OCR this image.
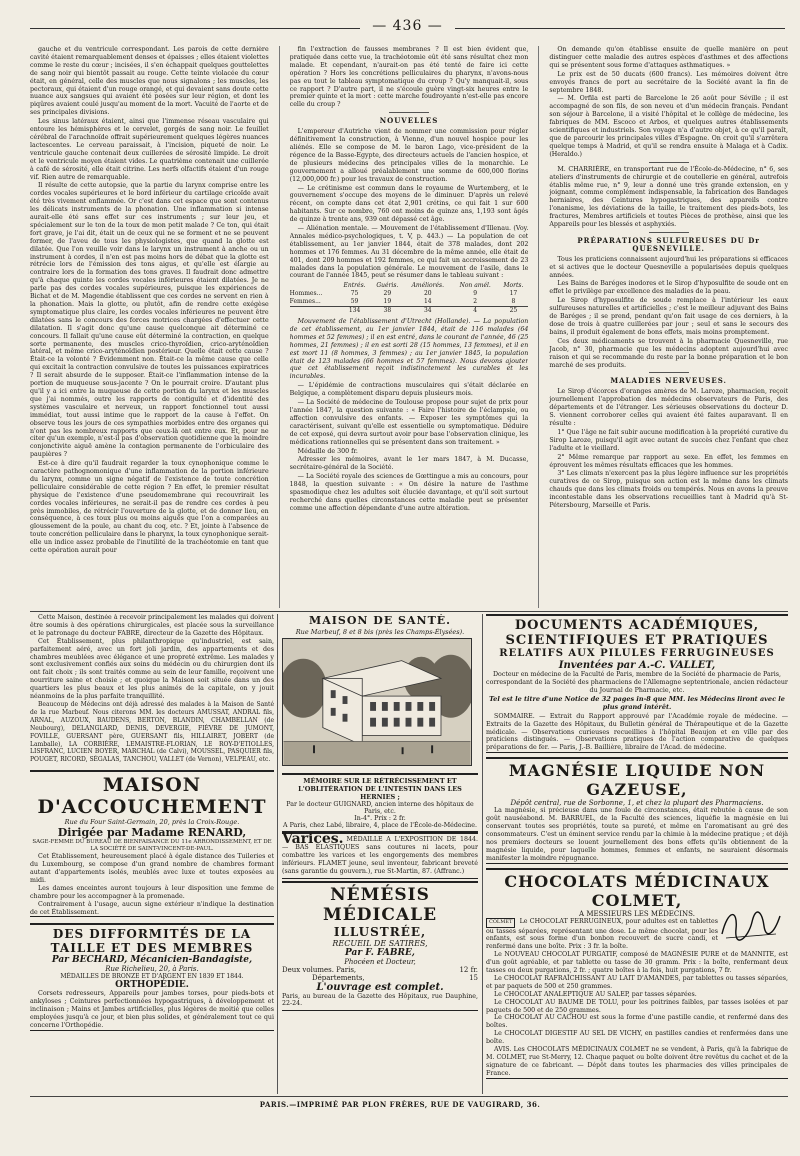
— 436 —

gauche et du ventricule correspondant. Les parois de cette dernière cavité étaient remarquablement denses et épaisses ; elles étaient violettes comme le reste du cœur ; incisées, il s'en échappait quelques gouttelettes de sang noir qui bientôt passait au rouge. Cette teinte violacée du cœur était, en général, celle des muscles que nous signalons ; les muscles, les pectoraux, qui étaient d'un rouge orangé, et qui devaient sans doute cette nuance aux sangsues qui avaient été posées sur leur région, et dont les piqûres avaient coulé jusqu'au moment de la mort. Vacuité de l'aorte et de ses principales divisions.

Les sinus latéraux étaient, ainsi que l'immense réseau vasculaire qui entoure les hémisphères et le cervelet, gorgés de sang noir. Le feuillet cérébral de l'arachnoïde offrait supérieurement quelques légères nuances lactescentes. Le cerveau paraissait, à l'incision, piqueté de noir. Le ventricule gauche contenait deux cuillerées de sérosité limpide. Le droit et le ventricule moyen étaient vides. Le quatrième contenait une cuillerée à café de sérosité, elle était citrine. Les nerfs olfactifs étaient d'un rouge vif. Rien autre de remarquable.

Il résulte de cette autopsie, que la partie du larynx comprise entre les cordes vocales supérieures et le bord inférieur du cartilage cricoïde avait été très vivement enflammée. Or c'est dans cet espace que sont contenus les délicats instruments de la phonation. Une inflammation si intense aurait-elle été sans effet sur ces instruments ; sur leur jeu, et spécialement sur le ton de la toux de mon petit malade ? Ce ton, qui était fort grave, je l'ai dit, était un de ceux qui ne se forment et ne se peuvent former, de l'aveu de tous les physiologistes, que quand la glotte est dilatée. Que l'on veuille voir dans le larynx un instrument à anche ou un instrument à cordes, il n'en est pas moins hors de débat que la glotte est rétrécie lors de l'émission des tons aigus, et qu'elle est élargie au contraire lors de la formation des tons graves. Il faudrait donc admettre qu'à chaque quinte les cordes vocales inférieures étaient dilatées. Je ne parle pas des cordes vocales supérieures, puisque les expériences de Bichat et de M. Magendie établissent que ces cordes ne servent en rien à la phonation. Mais la glotte, ou plutôt, afin de rendre cette exégèse symptomatique plus claire, les cordes vocales inférieures ne peuvent être dilatées sans le concours des forces motrices chargées d'effectuer cette dilatation. Il s'agit donc qu'une cause quelconque ait déterminé ce concours. Il fallait qu'une cause eût déterminé la contraction, en quelque sorte permanente, des muscles crico-thyroïdien, crico-aryténoïdien latéral, et même crico-aryténoïdien postérieur. Quelle était cette cause ? Était-ce la volonté ? Évidemment non. Était-ce la même cause que celle qui excitait la contraction convulsive de toutes les puissances expiratrices ? Il serait absurde de le supposer. Était-ce l'inflammation intense de la portion de muqueuse sous-jacente ? On le pourrait croire. D'autant plus qu'il y a ici entre la muqueuse de cette portion du larynx et les muscles que j'ai nommés, outre les rapports de contiguïté et d'identité des systèmes vasculaire et nerveux, un rapport fonctionnel tout aussi immédiat, tout aussi intime que le rapport de la cause à l'effet. On observe tous les jours de ces sympathies morbides entre des organes qui n'ont pas les nombreux rapports que ceux-là ont entre eux. Et, pour ne citer qu'un exemple, n'est-il pas d'observation quotidienne que la moindre conjonctivite aiguë amène la contagion permanente de l'orbiculaire des paupières ?

Est-ce à dire qu'il faudrait regarder la toux cynophonique comme le caractère pathognomonique d'une inflammation de la portion inférieure du larynx, comme un signe négatif de l'existence de toute concrétion pelliculaire considérable de cette région ? En effet, le premier résultat physique de l'existence d'une pseudomembrane qui recouvrirait les cordes vocales inférieures, ne serait-il pas de rendre ces cordes à peu près immobiles, de rétrécir l'ouverture de la glotte, et de donner lieu, en conséquence, à ces toux plus ou moins aiguës que l'on a comparées au gloussement de la poule, au chant du coq, etc. ? Et, jointe à l'absence de toute concrétion pelliculaire dans le pharynx, la toux cynophonique serait-elle un indice assez probable de l'inutilité de la trachéotomie en tant que cette opération aurait pour

fin l'extraction de fausses membranes ? Il est bien évident que, pratiquée dans cette vue, la trachéotomie eût été sans résultat chez mon malade. Et cependant, n'aurait-on pas été tenté de faire ici cette opération ? Hors les concrétions pelliculaires du pharynx, n'avons-nous pas eu tout le tableau symptomatique du croup ? Qu'y manquait-il, sous ce rapport ? D'autre part, il ne s'écoule guère vingt-six heures entre le premier quinte et la mort : cette marche foudroyante n'est-elle pas encore celle du croup ?

NOUVELLES

L'empereur d'Autriche vient de nommer une commission pour régler définitivement la construction, à Vienne, d'un nouvel hospice pour les aliénés. Elle se compose de M. le baron Lago, vice-président de la régence de la Basse-Egypte, des directeurs actuels de l'ancien hospice, et de plusieurs médecins des principales villes de la monarchie. Le gouvernement a alloué préalablement une somme de 600,000 florins (12,000,000 fr.) pour les travaux de construction.

— Le crétinisme est commun dans le royaume de Wurtemberg, et le gouvernement s'occupe des moyens de le diminuer. D'après un relevé récent, on compte dans cet état 2,901 crétins, ce qui fait 1 sur 600 habitants. Sur ce nombre, 760 ont moins de quinze ans, 1,193 sont âgés de quinze à trente ans, 939 ont dépassé cet âge.

— Aliénation mentale. — Mouvement de l'établissement d'Illenau. (Voy. Annales médico-psychologiques, t. V, p. 443.) — La population de cet établissement, au 1er janvier 1844, était de 378 malades, dont 202 hommes et 176 femmes. Au 31 décembre de la même année, elle était de 401, dont 209 hommes et 192 femmes, ce qui fait un accroissement de 23 malades dans la population générale. Le mouvement de l'asile, dans le courant de l'année 1845, peut se résumer dans le tableau suivant :

	Entrés.	Guéris.	Améliorés.	Non amél.	Morts.
Hommes...	75	29	20	9	17
Femmes...	59	19	14	2	8
	134	38	34	4	25

Mouvement de l'établissement d'Utrecht (Hollande). — La population de cet établissement, au 1er janvier 1844, était de 116 malades (64 hommes et 52 femmes) ; il en est entré, dans le courant de l'année, 46 (25 hommes, 21 femmes) ; il en est sorti 28 (15 hommes, 13 femmes), et il en est mort 11 (8 hommes, 3 femmes) ; au 1er janvier 1845, la population était de 123 malades (66 hommes et 57 femmes). Nous devons ajouter que cet établissement reçoit indistinctement les curables et les incurables.

— L'épidémie de contractions musculaires qui s'était déclarée en Belgique, a complètement disparu depuis plusieurs mois.

— La Société de médecine de Toulouse propose pour sujet de prix pour l'année 1847, la question suivante : « Faire l'histoire de l'éclampsie, ou affection convulsive des enfants. — Exposer les symptômes qui la caractérisent, suivant qu'elle est essentielle ou symptomatique. Déduire de cet exposé, qui devra surtout avoir pour base l'observation clinique, les médications rationnelles qui se présentent dans son traitement. »

Médaille de 300 fr.

Adresser les mémoires, avant le 1er mars 1847, à M. Ducasse, secrétaire-général de la Société.

— La Société royale des sciences de Gœttingue a mis au concours, pour 1848, la question suivante : « On désire la nature de l'asthme spasmodique chez les adultes soit éluciée davantage, et qu'il soit surtout recherché dans quelles circonstances cette maladie peut se présenter comme une affection dépendante d'une autre altération.

On demande qu'on établisse ensuite de quelle manière on peut distinguer cette maladie des autres espèces d'asthmes et des affections qui se présentent sous forme d'attaques asthmatiques. »

Le prix est de 50 ducats (600 francs). Les mémoires doivent être envoyés francs de port au secrétaire de la Société avant la fin de septembre 1848.

— M. Orfila est parti de Barcelone le 26 août pour Séville ; il est accompagné de son fils, de son neveu et d'un médecin français. Pendant son séjour à Barcelone, il a visité l'hôpital et le collège de médecine, les fabriques de MM. Escoco et Arbos, et quelques autres établissements scientifiques et industriels. Son voyage n'a d'autre objet, à ce qu'il paraît, que de parcourir les principales villes d'Espagne. On croit qu'il s'arrêtera quelque temps à Madrid, et qu'il se rendra ensuite à Malaga et à Cadix. (Heraldo.)

M. CHARRIÈRE, en transportant rue de l'École-de-Médecine, n° 6, ses ateliers d'instruments de chirurgie et de coutellerie en général, autrefois établis même rue, n° 9, leur a donné une très grande extension, en y joignant, comme complément indispensable, la fabrication des Bandages herniaires, des Ceintures hypogastriques, des appareils contre l'onanisme, les déviations de la taille, le traitement des pieds-bots, les fractures, Membres artificiels et toutes Pièces de prothèse, ainsi que les Appareils pour les blessés et asphyxiés.

PRÉPARATIONS SULFUREUSES DU Dr QUESNEVILLE.

Tous les praticiens connaissent aujourd'hui les préparations si efficaces et si actives que le docteur Quesneville a popularisées depuis quelques années.

Les Bains de Baréges inodores et le Sirop d'hyposulfite de soude ont en effet le privilège par excellence des maladies de la peau.

Le Sirop d'hyposulfite de soude remplace à l'intérieur les eaux sulfureuses naturelles et artificielles ; c'est le meilleur adjuvant des Bains de Baréges ; il se prend, pendant qu'on fait usage de ces derniers, à la dose de trois à quatre cuillerées par jour ; seul et sans le secours des bains, il produit également de bons effets, mais moins promptement.

Ces deux médicaments se trouvent à la pharmacie Quesneville, rue Jacob, n° 30, pharmacie que les médecins adoptent aujourd'hui avec raison et qui se recommande du reste par la bonne préparation et le bon marché de ses produits.

MALADIES NERVEUSES.

Le Sirop d'écorces d'oranges amères de M. Laroze, pharmacien, reçoit journellement l'approbation des médecins observateurs de Paris, des départements et de l'étranger. Les sérieuses observations du docteur D. S. viennent corroborer celles qui avaient été faites auparavant. Il en résulte :

1° Que l'âge ne fait subir aucune modification à la propriété curative du Sirop Laroze, puisqu'il agit avec autant de succès chez l'enfant que chez l'adulte et le vieillard.

2° Même remarque par rapport au sexe. En effet, les femmes en éprouvent les mêmes résultats efficaces que les hommes.

3° Les climats n'exercent pas la plus légère influence sur les propriétés curatives de ce Sirop, puisque son action est la même dans les climats chauds que dans les climats froids ou tempérés. Nous en avons la preuve incontestable dans les observations recueillies tant à Madrid qu'à St-Pétersbourg, Marseille et Paris.

Cette Maison, destinée à recevoir principalement les malades qui doivent être soumis à des opérations chirurgicales, est placée sous la surveillance et le patronage du docteur FABRE, directeur de la Gazette des Hôpitaux.

Cet Établissement, plus philanthropique qu'industriel, est sain, parfaitement aéré, avec un fort joli jardin, des appartements et des chambres meublées avec élégance et une propreté extrême. Les malades y sont exclusivement confiés aux soins du médecin ou du chirurgien dont ils ont fait choix ; ils sont traités comme au sein de leur famille, reçoivent une nourriture saine et choisie ; et quoique la Maison soit située dans un des quartiers les plus beaux et les plus animés de la capitale, on y jouit néanmoins de la plus parfaite tranquillité.

Beaucoup de Médecins ont déjà adressé des malades à la Maison de Santé de la rue Marbeuf. Nous citerons MM. les docteurs AMUSSAT, ANDRAL fils, ARNAL, AUZOUX, BAUDENS, BERTON, BLANDIN, CHAMBELLAN (de Neubourg), DELANGLARD, DENIS, DEVERGIE, FIÈVRE DE JUMONT, FOVILLE, GUERSANT père, GUERSANT fils, HILLAIRET, JOBERT (de Lamballe), LA CORBIÈRE, LEMAISTRE-FLORIAN, LE ROY-D'ETIOLLES, LISFRANC, LUCIEN BOYER, MARCHAL (de Calvi), MOUSSEL, PASQUIER fils, POUGET, RICORD, SÉGALAS, TANCHOU, VALLET (de Vernon), VELPEAU, etc.

MAISON D'ACCOUCHEMENT
Rue du Four Saint-Germain, 20, près la Croix-Rouge.
Dirigée par Madame RENARD,
SAGE-FEMME DU BUREAU DE BIENFAISANCE DU 11e ARRONDISSEMENT, ET DE LA SOCIÉTÉ DE SAINT-VINCENT-DE-PAUL.

Cet Établissement, heureusement placé à égale distance des Tuileries et du Luxembourg, se compose d'un grand nombre de chambres formant autant d'appartements isolés, meublés avec luxe et toutes exposées au midi.

Les dames enceintes auront toujours à leur disposition une femme de chambre pour les accompagner à la promenade.

Contrairement à l'usage, aucun signe extérieur n'indique la destination de cet Établissement.

DES DIFFORMITÉS DE LA TAILLE ET DES MEMBRES
Par BECHARD, Mécanicien-Bandagiste,
Rue Richelieu, 20, à Paris.
MÉDAILLES DE BRONZE ET D'ARGENT EN 1839 ET 1844.
ORTHOPÉDIE.

Corsets redresseurs, Appareils pour jambes torses, pour pieds-bots et ankyloses ; Ceintures perfectionnées hypogastriques, à développement et inclinaison ; Mains et Jambes artificielles, plus légères de moitié que celles employées jusqu'à ce jour, et bien plus solides, et généralement tout ce qui concerne l'Orthopédie.

MAISON DE SANTÉ.
Rue Marbeuf, 8 et 8 bis (près les Champs-Élysées).
MÉMOIRE SUR LE RÉTRÉCISSEMENT ET L'OBLITÉRATION DE L'INTESTIN DANS LES HERNIES ;
Par le docteur GUIGNARD, ancien interne des hôpitaux de Paris, etc.
In-4°. Prix : 2 fr.
A Paris, chez Labé, libraire, 4, place de l'École-de-Médecine.
Varices. MÉDAILLE A L'EXPOSITION DE 1844. — BAS ÉLASTIQUES sans coutures ni lacets, pour combattre les varices et les engorgements des membres inférieurs. FLAMET jeune, seul inventeur, fabricant breveté (sans garantie du gouvern.), rue St-Martin, 87. (Affranc.)
NÉMÉSIS MÉDICALE
ILLUSTRÉE,
RECUEIL DE SATIRES,
Par F. FABRE,
Phocéen et Docteur,
Deux volumes. Paris,	12 fr.
Départements,	15
L'ouvrage est complet.
Paris, au bureau de la Gazette des Hôpitaux, rue Dauphine, 22-24.
DOCUMENTS ACADÉMIQUES, SCIENTIFIQUES ET PRATIQUES
RELATIFS AUX PILULES FERRUGINEUSES
Inventées par A.-C. VALLET,
Docteur en médecine de la Faculté de Paris, membre de la Société de pharmacie de Paris, correspondant de la Société des pharmaciens de l'Allemagne septentrionale, ancien rédacteur du Journal de Pharmacie, etc.
Tel est le titre d'une Notice de 32 pages in-8 que MM. les Médecins liront avec le plus grand intérêt.

SOMMAIRE. — Extrait du Rapport approuvé par l'Académie royale de médecine. — Extraits de la Gazette des Hôpitaux, du Bulletin général de Thérapeutique et de la Gazette médicale. — Observations curieuses recueillies à l'hôpital Beaujon et en ville par des praticiens distingués. — Observations pratiques de l'action comparative de quelques préparations de fer. — Paris, J.-B. Baillière, libraire de l'Acad. de médecine.

MAGNÉSIE LIQUIDE NON GAZEUSE,
Dépôt central, rue de Sorbonne, 1, et chez la plupart des Pharmaciens.

La magnésie, si précieuse dans une foule de circonstances, était rebutée à cause de son goût nauséabond. M. BARRUEL, de la Faculté des sciences, liquéfie la magnésie en lui conservant toutes ses propriétés, toute sa pureté, et même en l'aromatisant au gré des consommateurs. C'est un éminent service rendu par la chimie à la médecine pratique ; et déjà nos premiers docteurs se louent journellement des bons effets qu'ils obtiennent de la magnésie liquide, pour laquelle hommes, femmes et enfants, ne sauraient désormais manifester la moindre répugnance.

CHOCOLATS MÉDICINAUX COLMET,
A MESSIEURS LES MÉDECINS.

COLMET Le CHOCOLAT FERRUGINEUX, pour adultes est en tablettes ou tasses séparées, représentant une dose. Le même chocolat, pour les enfants, est sous forme d'un bonbon recouvert de sucre candi, et renfermé dans une boîte. Prix : 3 fr. la boîte.

Le NOUVEAU CHOCOLAT PURGATIF, composé de MAGNÉSIE PURE et de MANNITE, est d'un goût agréable, et par tablette ou tasse de 30 gramm. Prix : la boîte, renfermant deux tasses ou deux purgations, 2 fr. ; quatre boîtes à la fois, huit purgations, 7 fr.

Le CHOCOLAT RAFRAÎCHISSANT AU LAIT D'AMANDES, par tablettes ou tasses séparées, et par paquets de 500 et 250 grammes.

Le CHOCOLAT ANALEPTIQUE AU SALEP, par tasses séparées.

Le CHOCOLAT AU BAUME DE TOLU, pour les poitrines faibles, par tasses isolées et par paquets de 500 et de 250 grammes.

Le CHOCOLAT AU CACHOU est sous la forme d'une pastille candie, et renfermé dans des boîtes.

Le CHOCOLAT DIGESTIF AU SEL DE VICHY, en pastilles candies et renfermées dans une boîte.

AVIS. Les CHOCOLATS MÉDICINAUX COLMET ne se vendent, à Paris, qu'à la fabrique de M. COLMET, rue St-Merry, 12. Chaque paquet ou boîte doivent être revêtus du cachet et de la signature de ce fabricant. — Dépôt dans toutes les pharmacies des villes principales de France.

PARIS.—IMPRIMÉ PAR PLON FRÈRES, RUE DE VAUGIRARD, 36.
